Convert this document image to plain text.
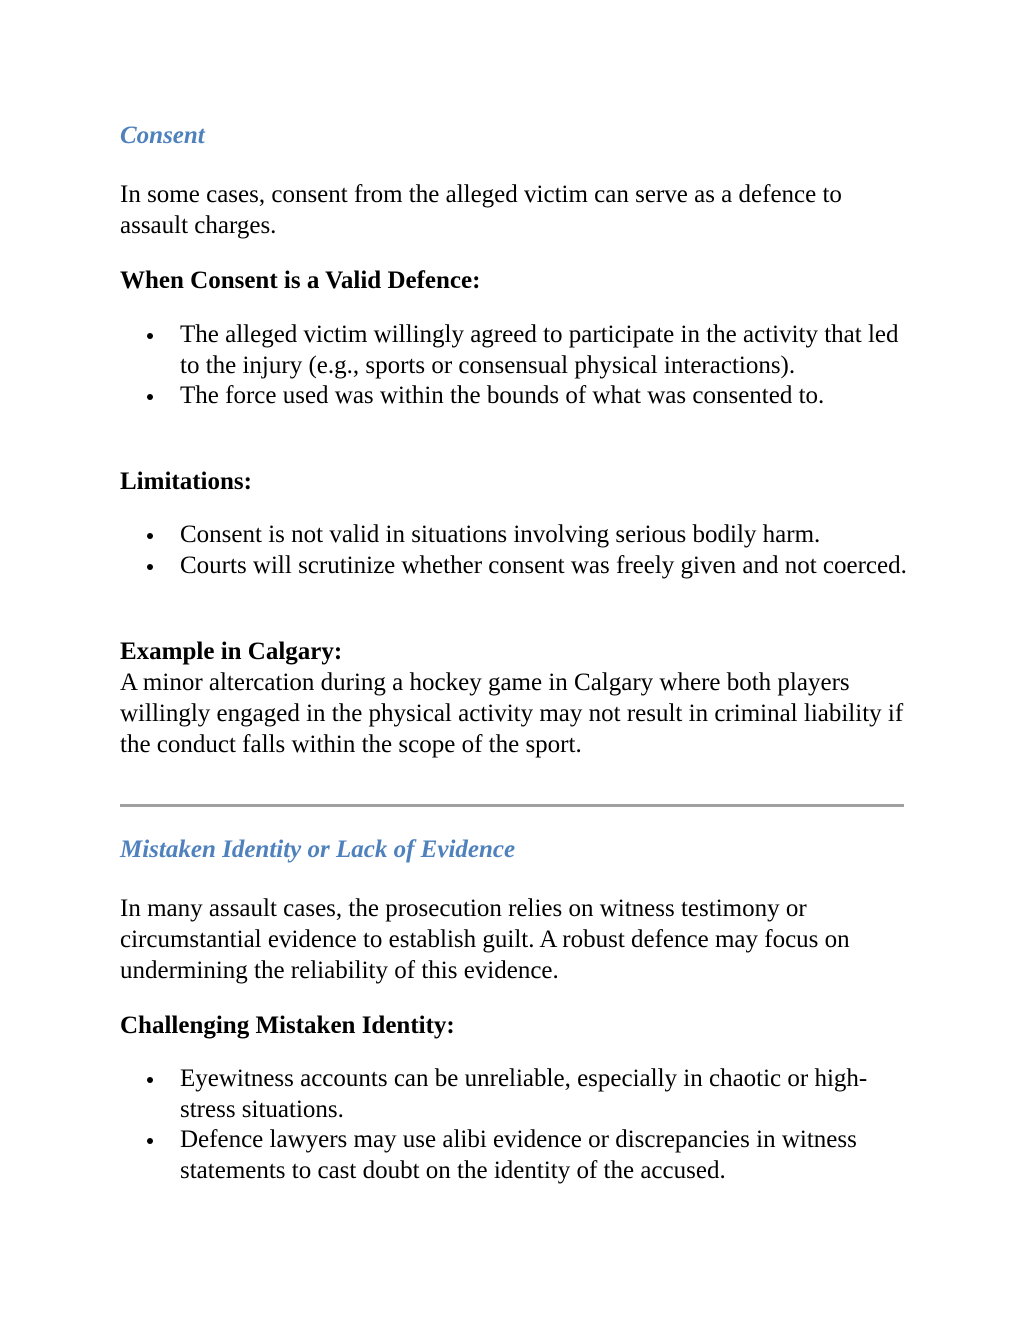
Consent

In some cases, consent from the alleged victim can serve as a defence to assault charges.

When Consent is a Valid Defence:
The alleged victim willingly agreed to participate in the activity that led to the injury (e.g., sports or consensual physical interactions).
The force used was within the bounds of what was consented to.
Limitations:
Consent is not valid in situations involving serious bodily harm.
Courts will scrutinize whether consent was freely given and not coerced.
Example in Calgary:

A minor altercation during a hockey game in Calgary where both players willingly engaged in the physical activity may not result in criminal liability if the conduct falls within the scope of the sport.

Mistaken Identity or Lack of Evidence

In many assault cases, the prosecution relies on witness testimony or circumstantial evidence to establish guilt. A robust defence may focus on undermining the reliability of this evidence.

Challenging Mistaken Identity:
Eyewitness accounts can be unreliable, especially in chaotic or high-stress situations.
Defence lawyers may use alibi evidence or discrepancies in witness statements to cast doubt on the identity of the accused.
